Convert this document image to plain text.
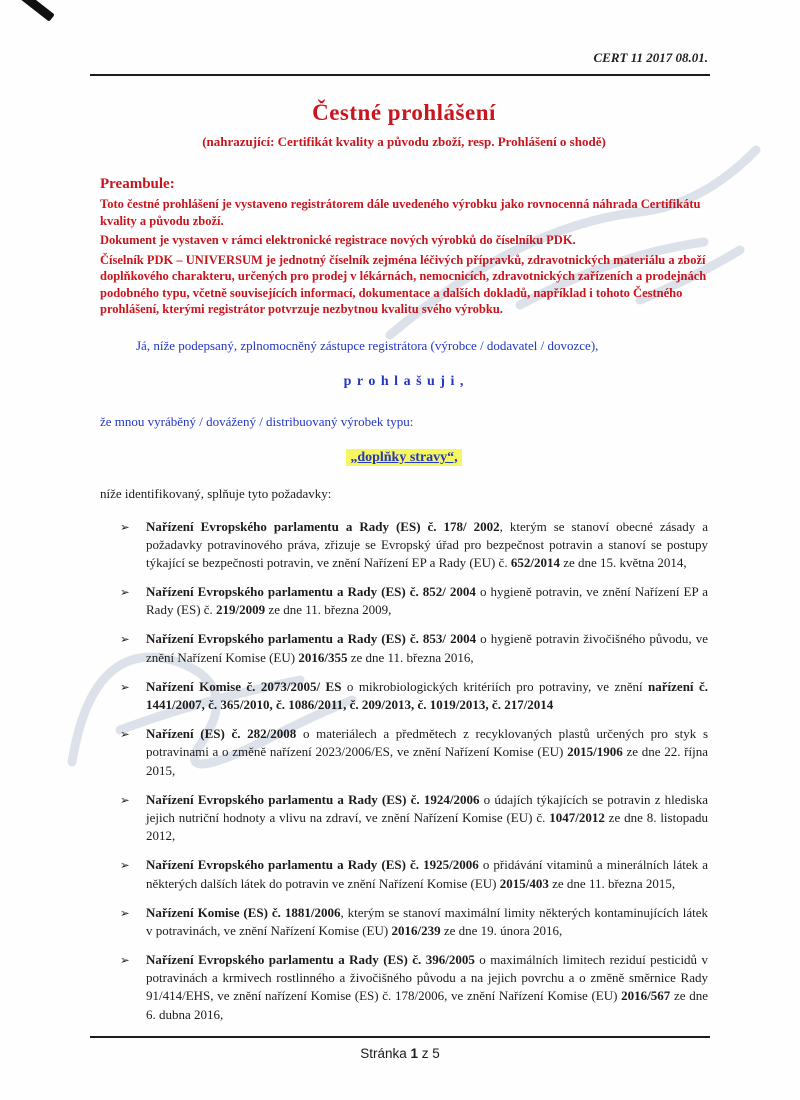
CERT 11 2017 08.01.
Čestné prohlášení
(nahrazující: Certifikát kvality a původu zboží, resp. Prohlášení o shodě)
Preambule:

Toto čestné prohlášení je vystaveno registrátorem dále uvedeného výrobku jako rovnocenná náhrada Certifikátu kvality a původu zboží.

Dokument je vystaven v rámci elektronické registrace nových výrobků do číselníku PDK.

Číselník PDK – UNIVERSUM je jednotný číselník zejména léčivých přípravků, zdravotnických materiálu a zboží doplňkového charakteru, určených pro prodej v lékárnách, nemocnicích, zdravotnických zařízeních a prodejnách podobného typu, včetně souvisejících informací, dokumentace a dalších dokladů, například i tohoto Čestného prohlášení, kterými registrátor potvrzuje nezbytnou kvalitu svého výrobku.

Já, níže podepsaný, zplnomocněný zástupce registrátora (výrobce / dodavatel / dovozce),

p r o h l a š u j i ,

že mnou vyráběný / dovážený / distribuovaný výrobek typu:

„doplňky stravy“,

níže identifikovaný, splňuje tyto požadavky:

➢	Nařízení Evropského parlamentu a Rady (ES) č. 178/ 2002, kterým se stanoví obecné zásady a požadavky potravinového práva, zřizuje se Evropský úřad pro bezpečnost potravin a stanoví se postupy týkající se bezpečnosti potravin, ve znění Nařízení EP a Rady (EU) č. 652/2014 ze dne 15. května 2014,
➢	Nařízení Evropského parlamentu a Rady (ES) č. 852/ 2004 o hygieně potravin, ve znění Nařízení EP a Rady (ES) č. 219/2009 ze dne 11. března 2009,
➢	Nařízení Evropského parlamentu a Rady (ES) č. 853/ 2004 o hygieně potravin živočišného původu, ve znění Nařízení Komise (EU) 2016/355 ze dne 11. března 2016,
➢	Nařízení Komise č. 2073/2005/ ES o mikrobiologických kritériích pro potraviny, ve znění nařízení č. 1441/2007, č. 365/2010, č. 1086/2011, č. 209/2013, č. 1019/2013, č. 217/2014
➢	Nařízení (ES) č. 282/2008 o materiálech a předmětech z recyklovaných plastů určených pro styk s potravinami a o změně nařízení 2023/2006/ES, ve znění Nařízení Komise (EU) 2015/1906 ze dne 22. října 2015,
➢	Nařízení Evropského parlamentu a Rady (ES) č. 1924/2006 o údajích týkajících se potravin z hlediska jejich nutriční hodnoty a vlivu na zdraví, ve znění Nařízení Komise (EU) č. 1047/2012 ze dne 8. listopadu 2012,
➢	Nařízení Evropského parlamentu a Rady (ES) č. 1925/2006 o přidávání vitaminů a minerálních látek a některých dalších látek do potravin ve znění Nařízení Komise (EU) 2015/403 ze dne 11. března 2015,
➢	Nařízení Komise (ES) č. 1881/2006, kterým se stanoví maximální limity některých kontaminujících látek v potravinách, ve znění Nařízení Komise (EU) 2016/239 ze dne 19. února 2016,
➢	Nařízení Evropského parlamentu a Rady (ES) č. 396/2005 o maximálních limitech reziduí pesticidů v potravinách a krmivech rostlinného a živočišného původu a na jejich povrchu a o změně směrnice Rady 91/414/EHS, ve znění nařízení Komise (ES) č. 178/2006, ve znění Nařízení Komise (EU) 2016/567 ze dne 6. dubna 2016,
Stránka 1 z 5
